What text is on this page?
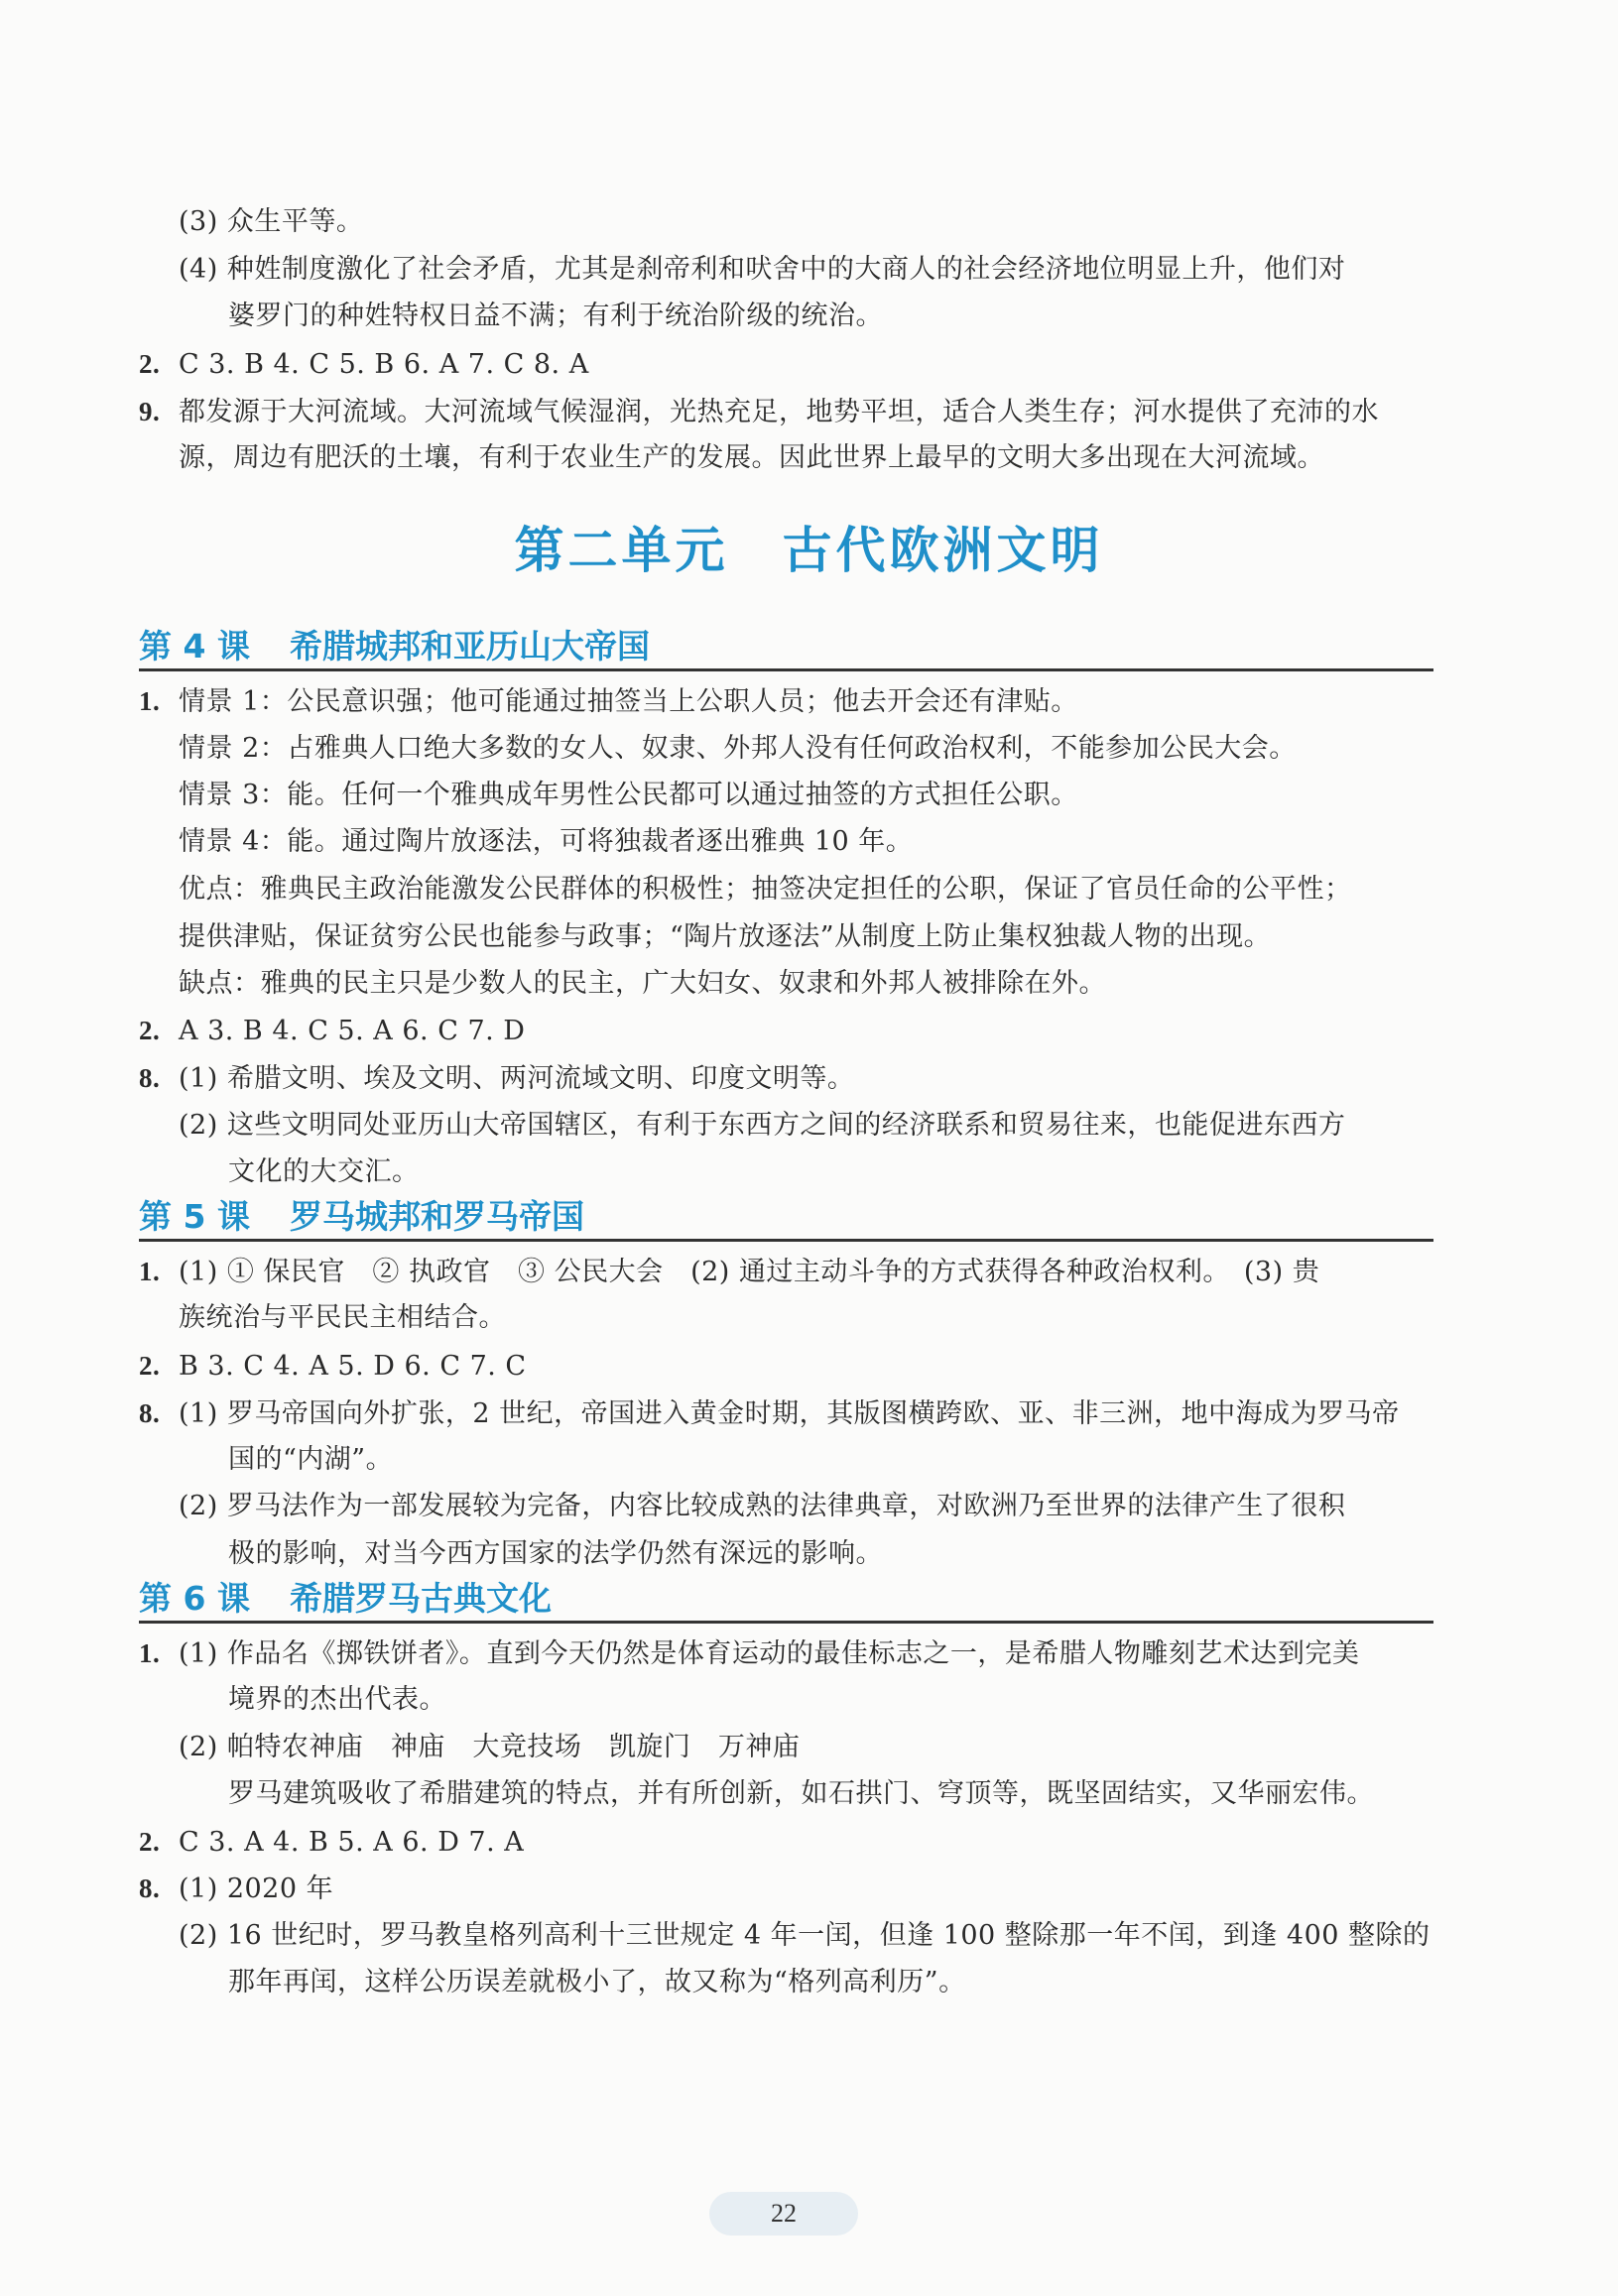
(3) 众生平等。
(4) 种姓制度激化了社会矛盾，尤其是刹帝利和吠舍中的大商人的社会经济地位明显上升，他们对
婆罗门的种姓特权日益不满；有利于统治阶级的统治。
2. C 3. B 4. C 5. B 6. A 7. C 8. A
9. 都发源于大河流域。大河流域气候湿润，光热充足，地势平坦，适合人类生存；河水提供了充沛的水
源，周边有肥沃的土壤，有利于农业生产的发展。因此世界上最早的文明大多出现在大河流域。
第二单元　古代欧洲文明
第 4 课 希腊城邦和亚历山大帝国
1. 情景 1：公民意识强；他可能通过抽签当上公职人员；他去开会还有津贴。
情景 2：占雅典人口绝大多数的女人、奴隶、外邦人没有任何政治权利，不能参加公民大会。
情景 3：能。任何一个雅典成年男性公民都可以通过抽签的方式担任公职。
情景 4：能。通过陶片放逐法，可将独裁者逐出雅典 10 年。
优点：雅典民主政治能激发公民群体的积极性；抽签决定担任的公职，保证了官员任命的公平性；
提供津贴，保证贫穷公民也能参与政事；“陶片放逐法”从制度上防止集权独裁人物的出现。
缺点：雅典的民主只是少数人的民主，广大妇女、奴隶和外邦人被排除在外。
2. A 3. B 4. C 5. A 6. C 7. D
8. (1) 希腊文明、埃及文明、两河流域文明、印度文明等。
(2) 这些文明同处亚历山大帝国辖区，有利于东西方之间的经济联系和贸易往来，也能促进东西方
文化的大交汇。
第 5 课 罗马城邦和罗马帝国
1. (1) ① 保民官　② 执政官　③ 公民大会　(2) 通过主动斗争的方式获得各种政治权利。　(3) 贵
族统治与平民民主相结合。
2. B 3. C 4. A 5. D 6. C 7. C
8. (1) 罗马帝国向外扩张，2 世纪，帝国进入黄金时期，其版图横跨欧、亚、非三洲，地中海成为罗马帝
国的“内湖”。
(2) 罗马法作为一部发展较为完备，内容比较成熟的法律典章，对欧洲乃至世界的法律产生了很积
极的影响，对当今西方国家的法学仍然有深远的影响。
第 6 课 希腊罗马古典文化
1. (1) 作品名《掷铁饼者》。直到今天仍然是体育运动的最佳标志之一，是希腊人物雕刻艺术达到完美
境界的杰出代表。
(2) 帕特农神庙　神庙　大竞技场　凯旋门　万神庙
罗马建筑吸收了希腊建筑的特点，并有所创新，如石拱门、穹顶等，既坚固结实，又华丽宏伟。
2. C 3. A 4. B 5. A 6. D 7. A
8. (1) 2020 年
(2) 16 世纪时，罗马教皇格列高利十三世规定 4 年一闰，但逢 100 整除那一年不闰，到逢 400 整除的
那年再闰，这样公历误差就极小了，故又称为“格列高利历”。
22
